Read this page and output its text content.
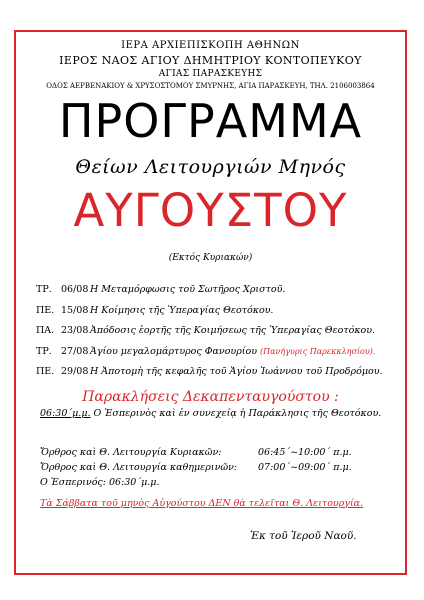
ΙΕΡΑ ΑΡΧΙΕΠΙΣΚΟΠΗ ΑΘΗΝΩΝ
ΙΕΡΟΣ ΝΑΟΣ ΑΓΙΟΥ ΔΗΜΗΤΡΙΟΥ ΚΟΝΤΟΠΕΥΚΟΥ
ΑΓΙΑΣ ΠΑΡΑΣΚΕΥΗΣ
ΟΔΟΣ ΑΕΡΒΕΝΑΚΙΟΥ & ΧΡΥΣΟΣΤΟΜΟΥ ΣΜΥΡΝΗΣ, ΑΓΙΑ ΠΑΡΑΣΚΕΥΗ, ΤΗΛ. 2106003864
ΠΡΟΓΡΑΜΜΑ
Θείων Λειτουργιών Μηνός
ΑΥΓΟΥΣΤΟΥ
(Εκτός Κυριακών)
ΤΡ. 06/08 Η Μεταμόρφωσις τοῦ Σωτῆρος Χριστοῦ.
ΠΕ. 15/08 Η Κοίμησις τῆς Ὑπεραγίας Θεοτόκου.
ΠΑ. 23/08 Ἀπόδοσις ἑορτῆς τῆς Κοιμήσεως τῆς Ὑπεραγίας Θεοτόκου.
ΤΡ. 27/08 Ἁγίου μεγαλομάρτυρος Φανουρίου (Πανήγυρις Παρεκκλησίου).
ΠΕ. 29/08 Η Ἀποτομὴ τῆς κεφαλῆς τοῦ Ἁγίου Ἰωάννου τοῦ Προδρόμου.
Παρακλήσεις Δεκαπενταυγούστου :
06:30΄μ.μ. Ο Ἑσπερινὸς καὶ ἐν συνεχείᾳ ἡ Παράκλησις τῆς Θεοτόκου.
Ὄρθρος καὶ Θ. Λειτουργία Κυριακῶν:	06:45΄~10:00΄ π.μ.
Ὄρθρος καὶ Θ. Λειτουργία καθημερινῶν: 07:00΄~09:00΄ π.μ.
Ο Ἑσπερινός: 06:30΄μ.μ.
Τὰ Σάββατα τοῦ μηνὸς Αὐγούστου ΔΕΝ θὰ τελεῖται Θ. Λειτουργία.
Ἐκ τοῦ Ἱεροῦ Ναοῦ.
